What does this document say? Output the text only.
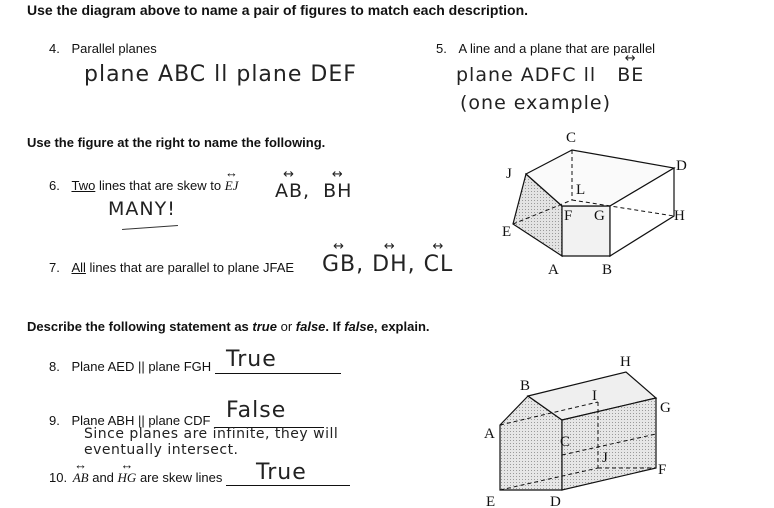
Use the diagram above to name a pair of figures to match each description.
4. Parallel planes
plane ABC ll plane DEF
5. A line and a plane that are parallel
plane ADFC ll ↔ BE
(one example)
Use the figure at the right to name the following.
6. Two lines that are skew to ↔ EJ ↔ AB, ↔ BH
MANY!
7. All lines that are parallel to plane JFAE ↔ GB, ↔ DH, ↔ CL
Describe the following statement as true or false. If false, explain.
8. Plane AED || plane FGH True
9. Plane ABH || plane CDF False
Since planes are infinite, they will
eventually intersect.
10. ↔ AB and ↔ HG are skew lines	True
C
D
J
L
F G	H
E
A	B
H
B
I
G
A	C
J
F
E	D
